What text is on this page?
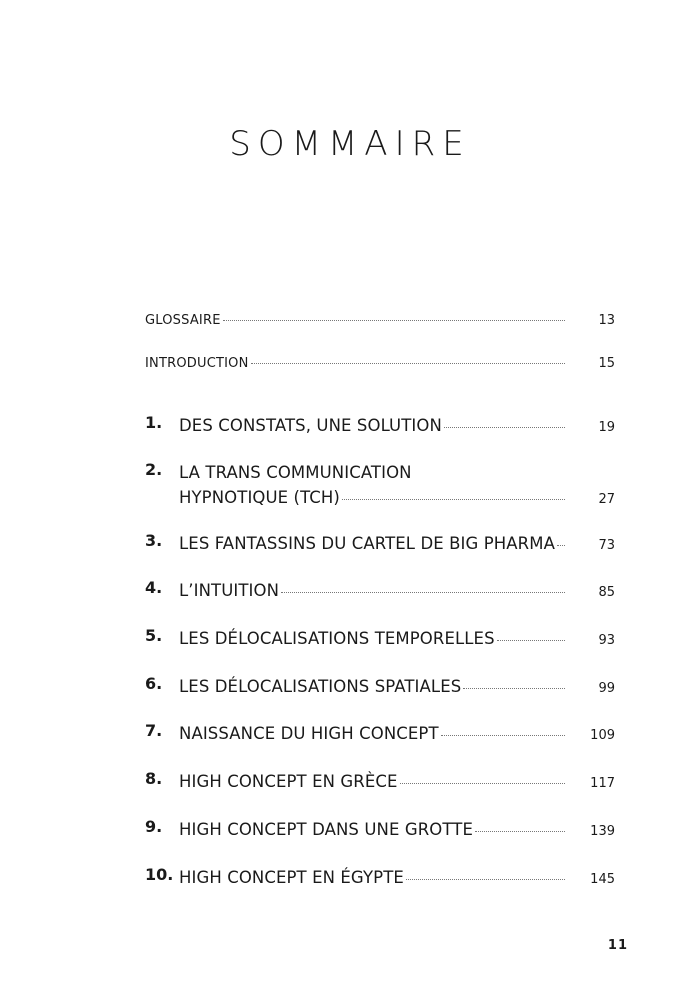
SOMMAIRE
GLOSSAIRE	13
INTRODUCTION	15
1. DES CONSTATS, UNE SOLUTION	19
2. LA TRANS COMMUNICATION
HYPNOTIQUE (TCH)	27
3. LES FANTASSINS DU CARTEL DE BIG PHARMA	73
4. L’INTUITION	85
5. LES DÉLOCALISATIONS TEMPORELLES	93
6. LES DÉLOCALISATIONS SPATIALES	99
7. NAISSANCE DU HIGH CONCEPT	109
8. HIGH CONCEPT EN GRÈCE	117
9. HIGH CONCEPT DANS UNE GROTTE	139
10. HIGH CONCEPT EN ÉGYPTE	145
11
